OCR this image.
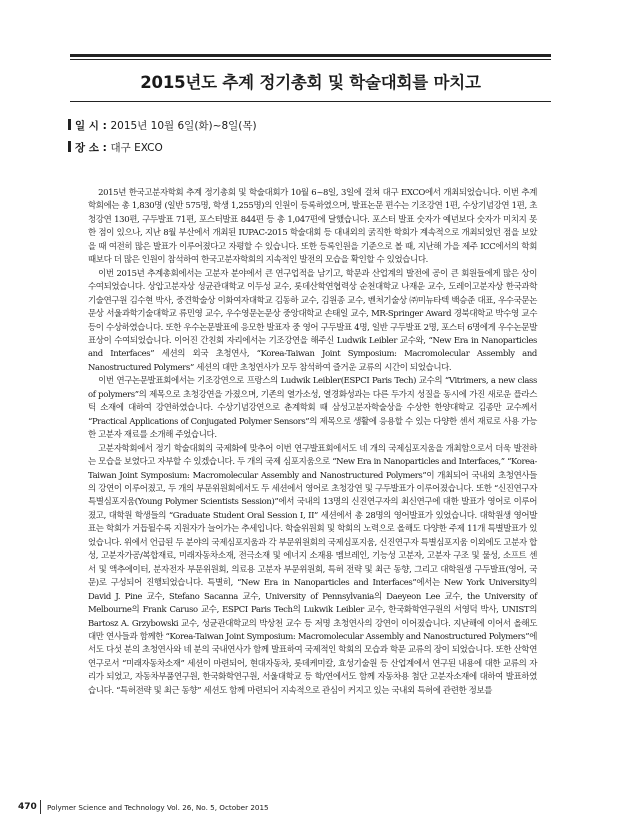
2015년도 추계 정기총회 및 학술대회를 마치고
일 시 : 2015년 10월 6일(화)~8일(목)
장 소 : 대구 EXCO

2015년 한국고분자학회 추계 정기총회 및 학술대회가 10월 6~8일, 3일에 걸쳐 대구 EXCO에서 개최되었습니다. 이번 추계 학회에는 총 1,830명 (일반 575명, 학생 1,255명)의 인원이 등록하였으며, 발표논문 편수는 기조강연 1편, 수상기념강연 1편, 초청강연 130편, 구두발표 71편, 포스터발표 844편 등 총 1,047편에 달했습니다. 포스터 발표 숫자가 예년보다 숫자가 미치지 못한 점이 있으나, 지난 8월 부산에서 개최된 IUPAC-2015 학술대회 등 대내외의 굵직한 학회가 계속적으로 개최되었던 점을 보았을 때 여전히 많은 발표가 이루어졌다고 자평할 수 있습니다. 또한 등록인원을 기준으로 볼 때, 지난해 가을 제주 ICC에서의 학회 때보다 더 많은 인원이 참석하여 한국고분자학회의 지속적인 발전의 모습을 확인할 수 있었습니다.

이번 2015년 추계총회에서는 고분자 분야에서 큰 연구업적을 남기고, 학문과 산업계의 발전에 공이 큰 회원들에게 많은 상이 수여되었습니다. 상압고분자상 성균관대학교 이두성 교수, 롯데산학연협력상 순천대학교 나재운 교수, 도레이고분자상 한국과학기술연구원 김수현 박사, 중견학술상 이화여자대학교 김동하 교수, 김원종 교수, 벤처기술상 ㈜미뉴타텍 백승준 대표, 우수국문논문상 서울과학기술대학교 류민영 교수, 우수영문논문상 중앙대학교 손태일 교수, MR-Springer Award 경북대학교 박수영 교수 등이 수상하였습니다. 또한 우수논문발표에 응모한 발표자 중 영어 구두발표 4명, 일반 구두발표 2명, 포스터 6명에게 우수논문발표상이 수여되었습니다. 이어진 간친회 자리에서는 기조강연을 해주신 Ludwik Leibler 교수와, “New Era in Nanoparticles and Interfaces” 세션의 외국 초청연사, “Korea-Taiwan Joint Symposium: Macromolecular Assembly and Nanostructured Polymers” 세션의 대만 초청연사가 모두 참석하여 즐거운 교류의 시간이 되었습니다.

이번 연구논문발표회에서는 기조강연으로 프랑스의 Ludwik Leibler(ESPCI Paris Tech) 교수의 “Vitrimers, a new class of polymers”의 제목으로 초청강연을 가졌으며, 기존의 열가소성, 열경화성과는 다른 두가지 성질을 동시에 가진 새로운 플라스틱 소재에 대하여 강연하였습니다. 수상기념강연으로 춘계학회 때 삼성고분자학술상을 수상한 한양대학교 김종만 교수께서 “Practical Applications of Conjugated Polymer Sensors”의 제목으로 생활에 응용할 수 있는 다양한 센서 재료로 사용 가능한 고분자 재료를 소개해 주었습니다.

고분자학회에서 정기 학술대회의 국제화에 맞추어 이번 연구발표회에서도 네 개의 국제심포지움을 개최함으로서 더욱 발전하는 모습을 보였다고 자부할 수 있겠습니다. 두 개의 국제 심포지움으로 “New Era in Nanoparticles and Interfaces,” “Korea-Taiwan Joint Symposium: Macromolecular Assembly and Nanostructured Polymers”이 개최되어 국내외 초청연사들의 강연이 이루어졌고, 두 개의 부문위원회에서도 두 세션에서 영어로 초청강연 및 구두발표가 이루어졌습니다. 또한 “신진연구자 특별심포지움(Young Polymer Scientists Session)”에서 국내의 13명의 신진연구자의 최신연구에 대한 발표가 영어로 이루어졌고, 대학원 학생들의 “Graduate Student Oral Session I, II” 세션에서 총 28명의 영어발표가 있었습니다. 대학원생 영어발표는 학회가 거듭될수록 지원자가 늘어가는 추세입니다. 학술위원회 및 학회의 노력으로 올해도 다양한 주제 11개 특별발표가 있었습니다. 위에서 언급된 두 분야의 국제심포지움과 각 부문위원회의 국제심포지움, 신진연구자 특별심포지움 이외에도 고분자 합성, 고분자가공/복합재료, 미래자동차소재, 전극소재 및 에너지 소재용 멤브레인, 기능성 고분자, 고분자 구조 및 물성, 소프트 센서 및 액추에이터, 분자전자 부문위원회, 의료용 고분자 부문위원회, 특허 전략 및 최근 동향, 그리고 대학원생 구두발표(영어, 국문)로 구성되어 진행되었습니다. 특별히, “New Era in Nanoparticles and Interfaces”에서는 New York University의 David J. Pine 교수, Stefano Sacanna 교수, University of Pennsylvania의 Daeyeon Lee 교수, the University of Melbourne의 Frank Caruso 교수, ESPCI Paris Tech의 Lukwik Leibler 교수, 한국화학연구원의 서영덕 박사, UNIST의 Bartosz A. Grzybowski 교수, 성균관대학교의 박상천 교수 등 저명 초청연사의 강연이 이어졌습니다. 지난해에 이어서 올해도 대만 연사들과 함께한 “Korea-Taiwan Joint Symposium: Macromolecular Assembly and Nanostructured Polymers”에서도 다섯 분의 초청연사와 네 분의 국내연사가 함께 발표하여 국제적인 학회의 모습과 학문 교류의 장이 되었습니다. 또한 산학연 연구로서 “미래자동차소재” 세션이 마련되어, 현대자동차, 롯데케미칼, 효성기술원 등 산업계에서 연구된 내용에 대한 교류의 자리가 되었고, 자동차부품연구원, 한국화학연구원, 서울대학교 등 학/연에서도 함께 자동차용 첨단 고분자소재에 대하여 발표하였습니다. “특허전략 및 최근 동향” 세션도 함께 마련되어 지속적으로 관심이 커지고 있는 국내외 특허에 관련한 정보를

470 Polymer Science and Technology Vol. 26, No. 5, October 2015
